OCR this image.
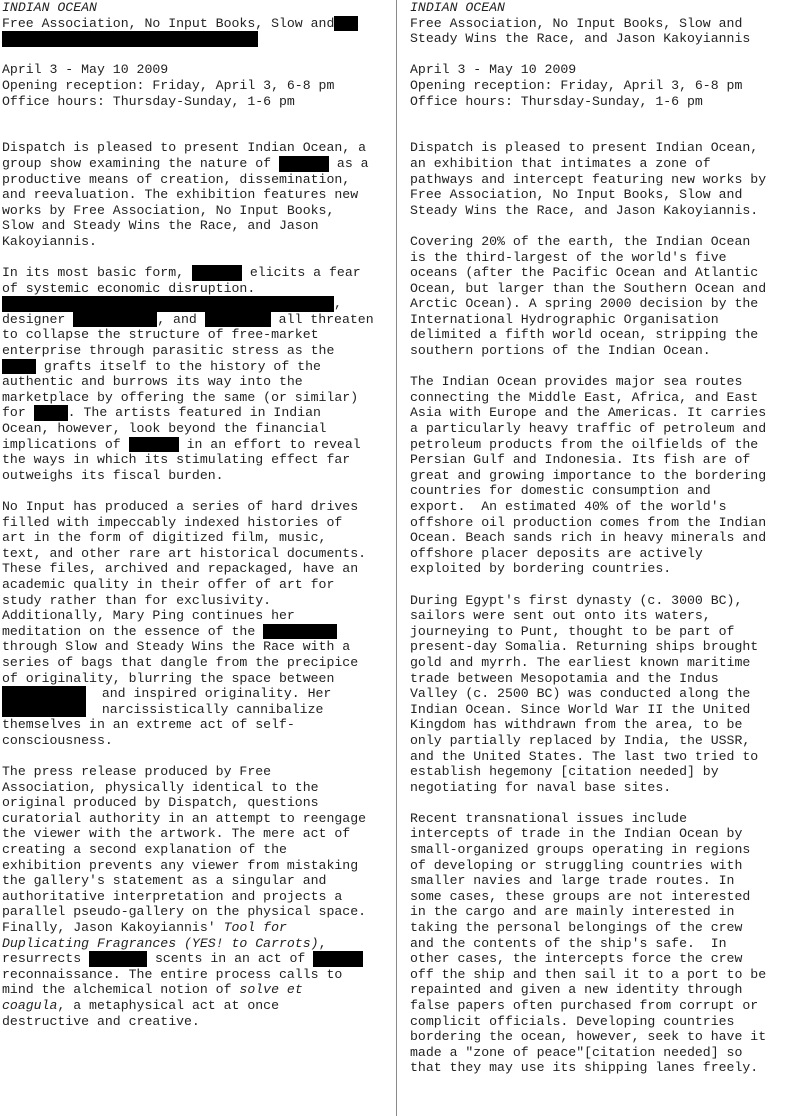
INDIAN OCEAN
Free Association, No Input Books, Slow and
April 3 - May 10 2009
Opening reception: Friday, April 3, 6-8 pm
Office hours: Thursday-Sunday, 1-6 pm
Dispatch is pleased to present Indian Ocean, a
group show examining the nature of	as a
productive means of creation, dissemination,
and reevaluation. The exhibition features new
works by Free Association, No Input Books,
Slow and Steady Wins the Race, and Jason
Kakoyiannis.
In its most basic form,	elicits a fear
of systemic economic disruption.
,
designer	, and	all threaten
to collapse the structure of free-market
enterprise through parasitic stress as the
grafts itself to the history of the
authentic and burrows its way into the
marketplace by offering the same (or similar)
for	. The artists featured in Indian
Ocean, however, look beyond the financial
implications of	in an effort to reveal
the ways in which its stimulating effect far
outweighs its fiscal burden.
No Input has produced a series of hard drives
filled with impeccably indexed histories of
art in the form of digitized film, music,
text, and other rare art historical documents.
These files, archived and repackaged, have an
academic quality in their offer of art for
study rather than for exclusivity.
Additionally, Mary Ping continues her
meditation on the essence of the
through Slow and Steady Wins the Race with a
series of bags that dangle from the precipice
of originality, blurring the space between
and inspired originality. Her
narcissistically cannibalize
themselves in an extreme act of self-
consciousness.
The press release produced by Free
Association, physically identical to the
original produced by Dispatch, questions
curatorial authority in an attempt to reengage
the viewer with the artwork. The mere act of
creating a second explanation of the
exhibition prevents any viewer from mistaking
the gallery's statement as a singular and
authoritative interpretation and projects a
parallel pseudo-gallery on the physical space.
Finally, Jason Kakoyiannis' Tool for
Duplicating Fragrances (YES! to Carrots),
resurrects	scents in an act of
reconnaissance. The entire process calls to
mind the alchemical notion of solve et
coagula, a metaphysical act at once
destructive and creative.
INDIAN OCEAN
Free Association, No Input Books, Slow and
Steady Wins the Race, and Jason Kakoyiannis
April 3 - May 10 2009
Opening reception: Friday, April 3, 6-8 pm
Office hours: Thursday-Sunday, 1-6 pm
Dispatch is pleased to present Indian Ocean,
an exhibition that intimates a zone of
pathways and intercept featuring new works by
Free Association, No Input Books, Slow and
Steady Wins the Race, and Jason Kakoyiannis.
Covering 20% of the earth, the Indian Ocean
is the third-largest of the world's five
oceans (after the Pacific Ocean and Atlantic
Ocean, but larger than the Southern Ocean and
Arctic Ocean). A spring 2000 decision by the
International Hydrographic Organisation
delimited a fifth world ocean, stripping the
southern portions of the Indian Ocean.
The Indian Ocean provides major sea routes
connecting the Middle East, Africa, and East
Asia with Europe and the Americas. It carries
a particularly heavy traffic of petroleum and
petroleum products from the oilfields of the
Persian Gulf and Indonesia. Its fish are of
great and growing importance to the bordering
countries for domestic consumption and
export.  An estimated 40% of the world's
offshore oil production comes from the Indian
Ocean. Beach sands rich in heavy minerals and
offshore placer deposits are actively
exploited by bordering countries.
During Egypt's first dynasty (c. 3000 BC),
sailors were sent out onto its waters,
journeying to Punt, thought to be part of
present-day Somalia. Returning ships brought
gold and myrrh. The earliest known maritime
trade between Mesopotamia and the Indus
Valley (c. 2500 BC) was conducted along the
Indian Ocean. Since World War II the United
Kingdom has withdrawn from the area, to be
only partially replaced by India, the USSR,
and the United States. The last two tried to
establish hegemony [citation needed] by
negotiating for naval base sites.
Recent transnational issues include
intercepts of trade in the Indian Ocean by
small-organized groups operating in regions
of developing or struggling countries with
smaller navies and large trade routes. In
some cases, these groups are not interested
in the cargo and are mainly interested in
taking the personal belongings of the crew
and the contents of the ship's safe.  In
other cases, the intercepts force the crew
off the ship and then sail it to a port to be
repainted and given a new identity through
false papers often purchased from corrupt or
complicit officials. Developing countries
bordering the ocean, however, seek to have it
made a "zone of peace"[citation needed] so
that they may use its shipping lanes freely.
